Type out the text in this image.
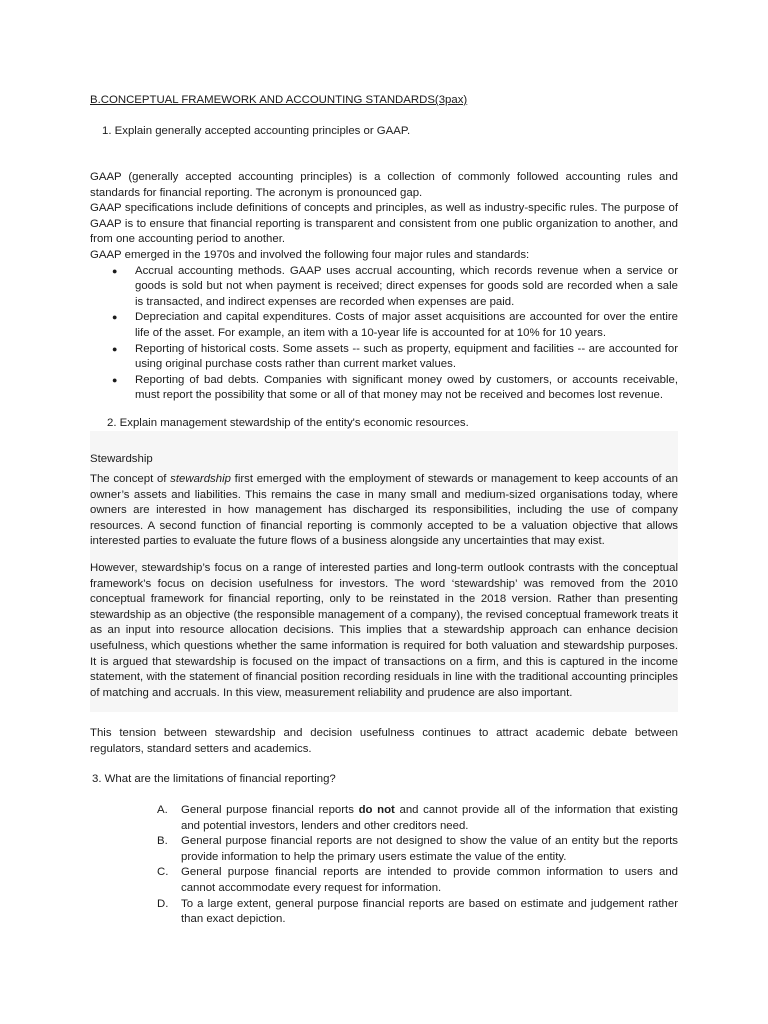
B.CONCEPTUAL FRAMEWORK AND ACCOUNTING STANDARDS(3pax)
1. Explain generally accepted accounting principles or GAAP.

GAAP (generally accepted accounting principles) is a collection of commonly followed accounting rules and standards for financial reporting. The acronym is pronounced gap.

GAAP specifications include definitions of concepts and principles, as well as industry-specific rules. The purpose of GAAP is to ensure that financial reporting is transparent and consistent from one public organization to another, and from one accounting period to another.

GAAP emerged in the 1970s and involved the following four major rules and standards:

● Accrual accounting methods. GAAP uses accrual accounting, which records revenue when a service or goods is sold but not when payment is received; direct expenses for goods sold are recorded when a sale is transacted, and indirect expenses are recorded when expenses are paid.
● Depreciation and capital expenditures. Costs of major asset acquisitions are accounted for over the entire life of the asset. For example, an item with a 10-year life is accounted for at 10% for 10 years.
● Reporting of historical costs. Some assets -- such as property, equipment and facilities -- are accounted for using original purchase costs rather than current market values.
● Reporting of bad debts. Companies with significant money owed by customers, or accounts receivable, must report the possibility that some or all of that money may not be received and becomes lost revenue.
2. Explain management stewardship of the entity's economic resources.
Stewardship

The concept of stewardship first emerged with the employment of stewards or management to keep accounts of an owner’s assets and liabilities. This remains the case in many small and medium-sized organisations today, where owners are interested in how management has discharged its responsibilities, including the use of company resources. A second function of financial reporting is commonly accepted to be a valuation objective that allows interested parties to evaluate the future flows of a business alongside any uncertainties that may exist.

However, stewardship’s focus on a range of interested parties and long-term outlook contrasts with the conceptual framework’s focus on decision usefulness for investors. The word ‘stewardship’ was removed from the 2010 conceptual framework for financial reporting, only to be reinstated in the 2018 version. Rather than presenting stewardship as an objective (the responsible management of a company), the revised conceptual framework treats it as an input into resource allocation decisions. This implies that a stewardship approach can enhance decision usefulness, which questions whether the same information is required for both valuation and stewardship purposes. It is argued that stewardship is focused on the impact of transactions on a firm, and this is captured in the income statement, with the statement of financial position recording residuals in line with the traditional accounting principles of matching and accruals. In this view, measurement reliability and prudence are also important.

This tension between stewardship and decision usefulness continues to attract academic debate between regulators, standard setters and academics.

3. What are the limitations of financial reporting?
A. General purpose financial reports do not and cannot provide all of the information that existing and potential investors, lenders and other creditors need.
B. General purpose financial reports are not designed to show the value of an entity but the reports provide information to help the primary users estimate the value of the entity.
C. General purpose financial reports are intended to provide common information to users and cannot accommodate every request for information.
D. To a large extent, general purpose financial reports are based on estimate and judgement rather than exact depiction.
